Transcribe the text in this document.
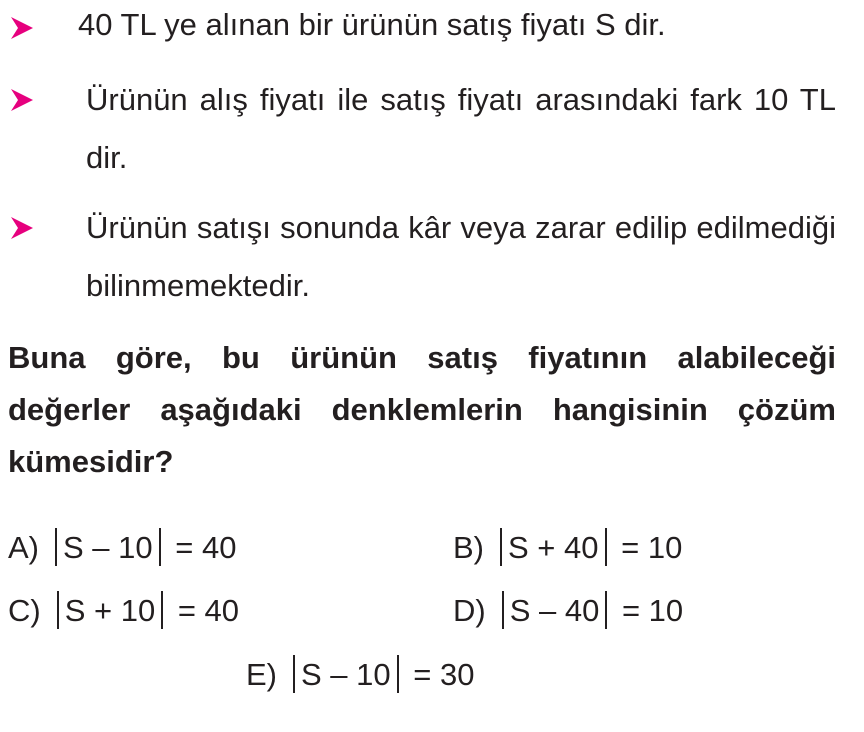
40 TL ye alınan bir ürünün satış fiyatı S dir.
Ürünün alış fiyatı ile satış fiyatı arasındaki fark 10 TL dir.
Ürünün satışı sonunda kâr veya zarar edilip edilmediği bilinmemektedir.
Buna göre, bu ürünün satış fiyatının alabileceği değerler aşağıdaki denklemlerin hangisinin çözüm kümesidir?
A) S – 10 = 40	B) S + 40 = 10
C) S + 10 = 40	D) S – 40 = 10
E) S – 10 = 30
